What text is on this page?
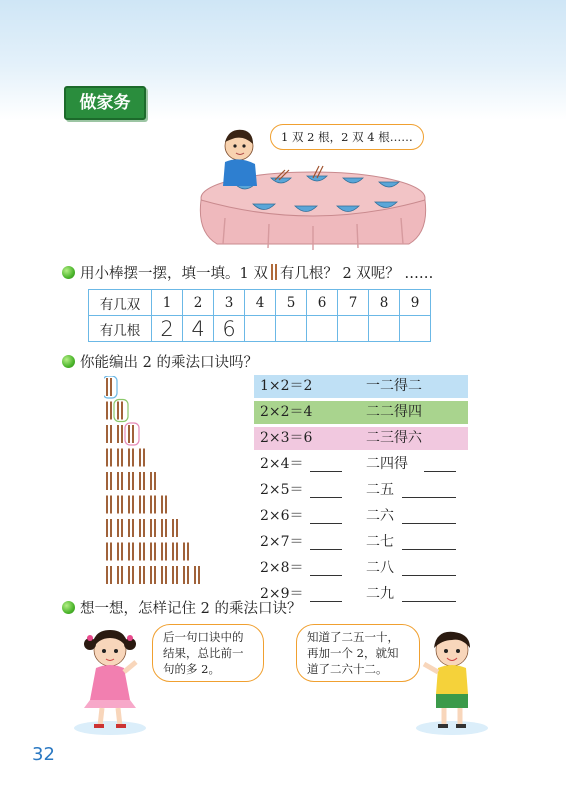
做家务
1 双 2 根，2 双 4 根……
用小棒摆一摆，填一填。1 双 有几根？ 2 双呢？ ……
有几双	1	2	3	4	5	6	7	8	9
有几根	2	4	6						
你能编出 2 的乘法口诀吗？
1×2＝2	一二得二
2×2＝4	二二得四
2×3＝6	二三得六
2×4＝	二四得
2×5＝	二五
2×6＝	二六
2×7＝	二七
2×8＝	二八
2×9＝	二九
想一想，怎样记住 2 的乘法口诀？
后一句口诀中的
结果，总比前一
句的多 2。
知道了二五一十，
再加一个 2，就知
道了二六十二。
32
